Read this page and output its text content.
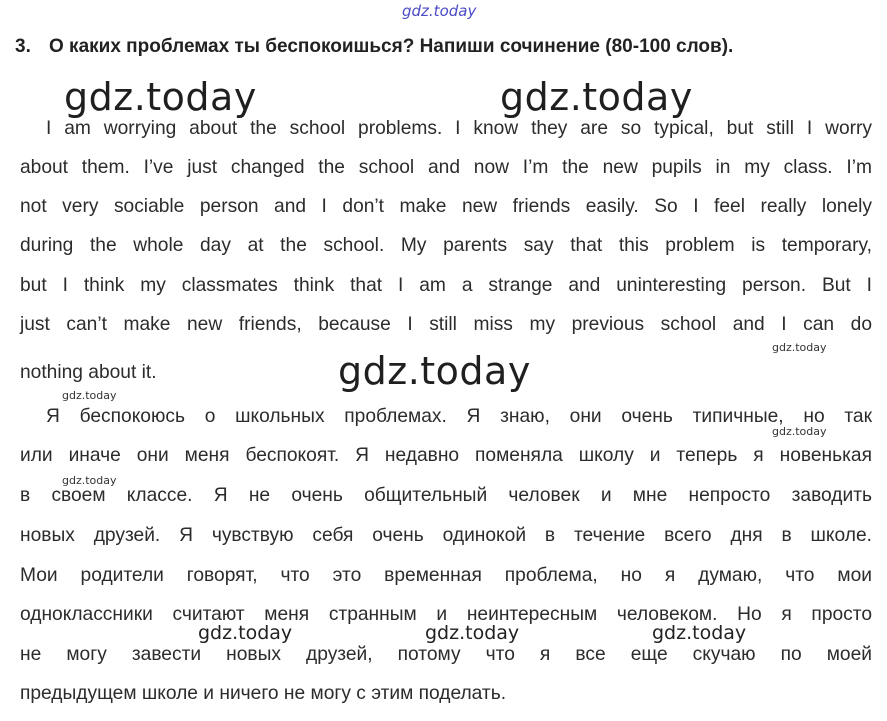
gdz.today
gdz.today	gdz.today
gdz.today
3. О каких проблемах ты беспокоишься? Напиши сочинение (80-100 слов).
I am worrying about the school problems. I know they are so typical, but still I worry
about them. I’ve just changed the school and now I’m the new pupils in my class. I’m
not very sociable person and I don’t make new friends easily. So I feel really lonely
during the whole day at the school. My parents say that this problem is temporary,
but I think my classmates think that I am a strange and uninteresting person. But I
just can’t make new friends, because I still miss my previous school and I can do
nothing about it.
Я беспокоюсь о школьных проблемах. Я знаю, они очень типичные, но так
или иначе они меня беспокоят. Я недавно поменяла школу и теперь я новенькая
в своем классе. Я не очень общительный человек и мне непросто заводить
новых друзей. Я чувствую себя очень одинокой в течение всего дня в школе.
Мои родители говорят, что это временная проблема, но я думаю, что мои
одноклассники считают меня странным и неинтересным человеком. Но я просто
не могу завести новых друзей, потому что я все еще скучаю по моей
предыдущем школе и ничего не могу с этим поделать.
gdz.today
gdz.today
gdz.today
gdz.today
gdz.today	gdz.today	gdz.today
